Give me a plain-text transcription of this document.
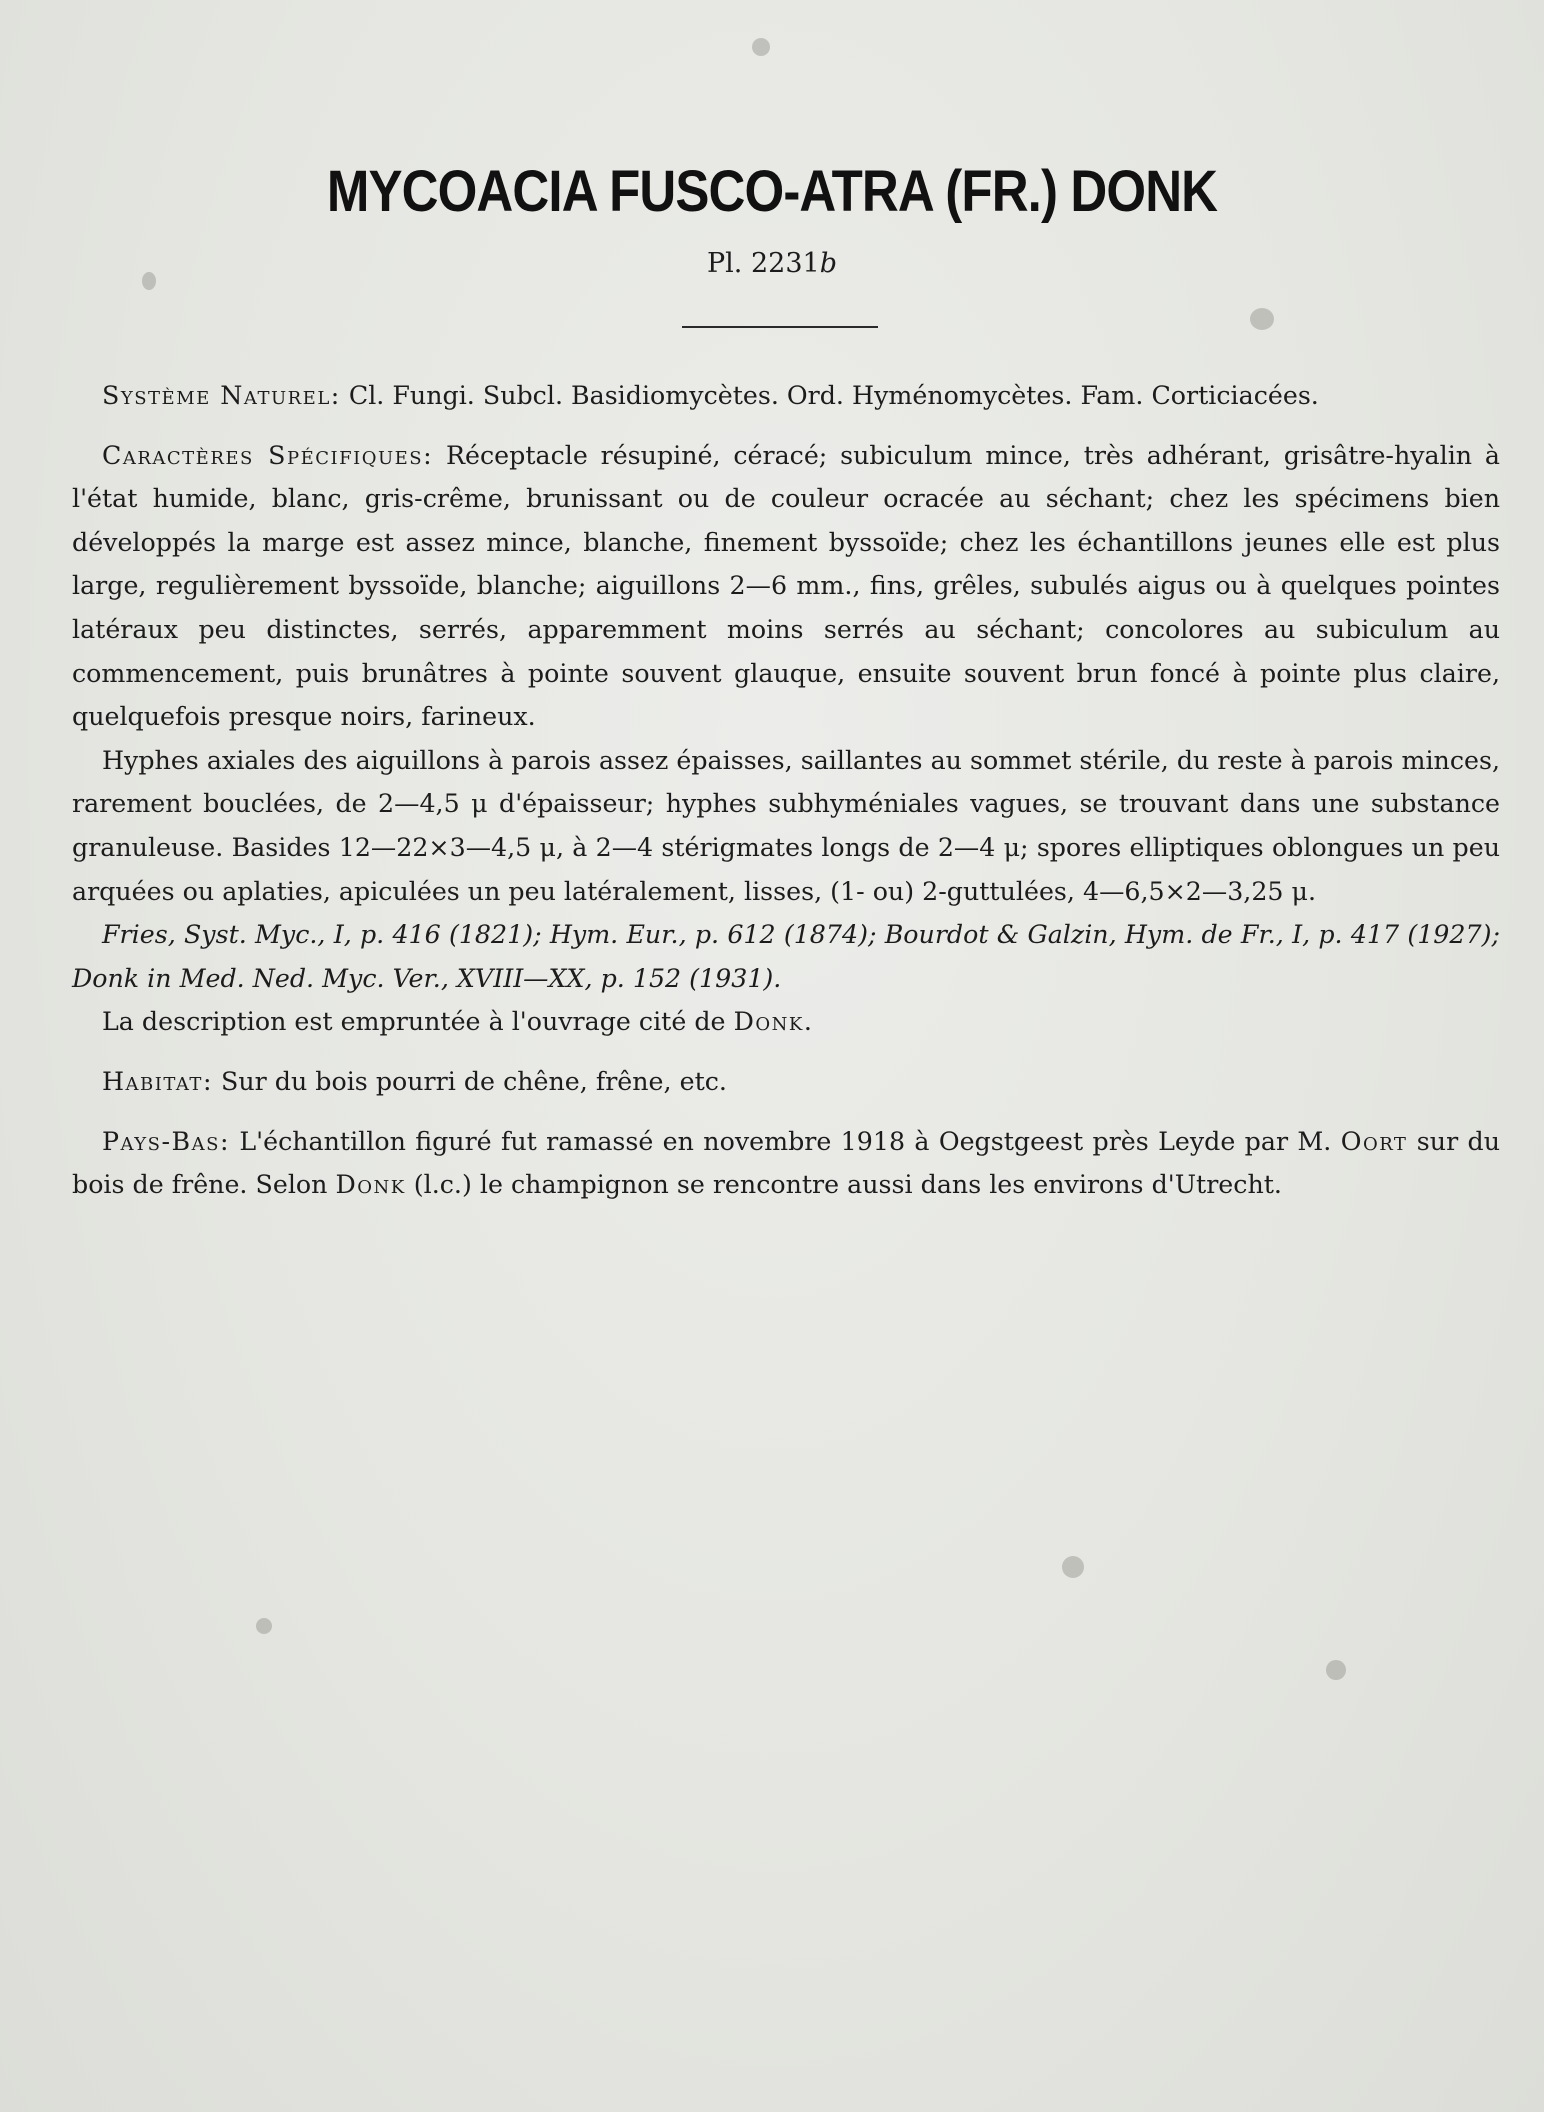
MYCOACIA FUSCO-ATRA (FR.) DONK
Pl. 2231b

Système Naturel: Cl. Fungi. Subcl. Basidiomycètes. Ord. Hyménomycètes. Fam. Corticiacées.

Caractères Spécifiques: Réceptacle résupiné, céracé; subiculum mince, très adhérant, grisâtre-hyalin à l'état humide, blanc, gris-crême, brunissant ou de couleur ocracée au séchant; chez les spécimens bien développés la marge est assez mince, blanche, finement byssoïde; chez les échantillons jeunes elle est plus large, regulièrement byssoïde, blanche; aiguillons 2—6 mm., fins, grêles, subulés aigus ou à quelques pointes latéraux peu distinctes, serrés, apparemment moins serrés au séchant; concolores au subiculum au commencement, puis brunâtres à pointe souvent glauque, ensuite souvent brun foncé à pointe plus claire, quelquefois presque noirs, farineux.

Hyphes axiales des aiguillons à parois assez épaisses, saillantes au sommet stérile, du reste à parois minces, rarement bouclées, de 2—4,5 μ d'épaisseur; hyphes subhyméniales vagues, se trouvant dans une substance granuleuse. Basides 12—22×3—4,5 μ, à 2—4 stérigmates longs de 2—4 μ; spores elliptiques oblongues un peu arquées ou aplaties, apiculées un peu latéralement, lisses, (1- ou) 2-guttulées, 4—6,5×2—3,25 μ.

Fries, Syst. Myc., I, p. 416 (1821); Hym. Eur., p. 612 (1874); Bourdot & Galzin, Hym. de Fr., I, p. 417 (1927); Donk in Med. Ned. Myc. Ver., XVIII—XX, p. 152 (1931).

La description est empruntée à l'ouvrage cité de Donk.

Habitat: Sur du bois pourri de chêne, frêne, etc.

Pays-Bas: L'échantillon figuré fut ramassé en novembre 1918 à Oegstgeest près Leyde par M. Oort sur du bois de frêne. Selon Donk (l.c.) le champignon se rencontre aussi dans les environs d'Utrecht.
